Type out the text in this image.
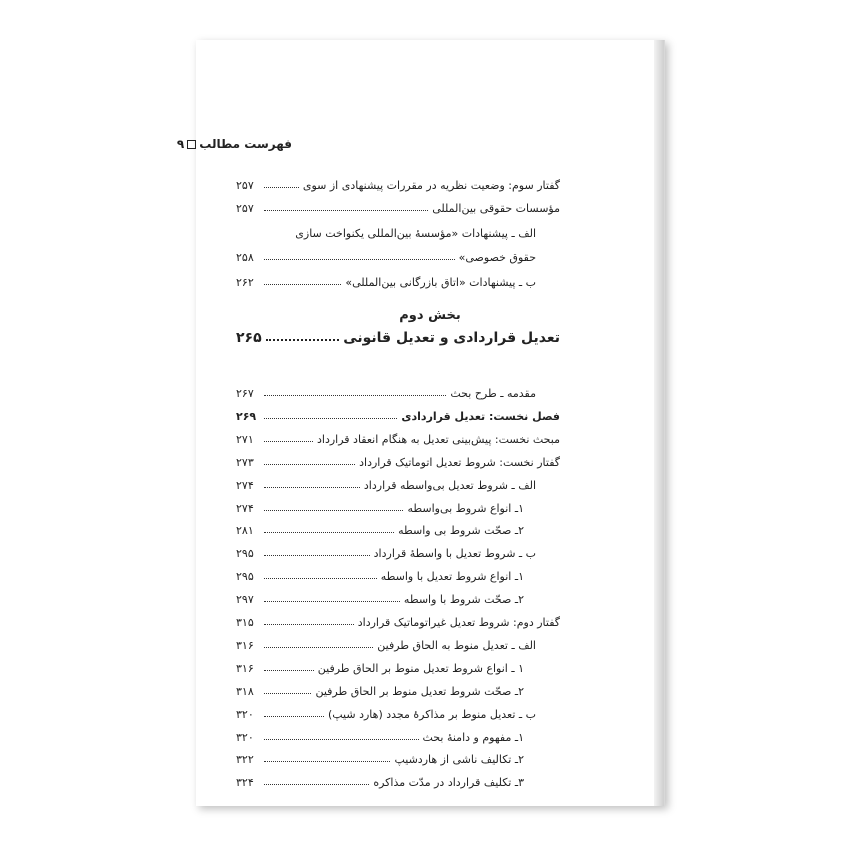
فهرست مطالب۹
گفتار سوم: وضعیت نظریه در مقررات پیشنهادی از سوی
۲۵۷
مؤسسات حقوقی بین‌المللی
۲۵۷
الف ـ پیشنهادات «مؤسسهٔ بین‌المللی یکنواخت سازی
حقوق خصوصی»
۲۵۸
ب ـ پیشنهادات «اتاق بازرگانی بین‌المللی»
۲۶۲
بخش دوم
تعدیل قراردادی و تعدیل قانونی
۲۶۵
مقدمه ـ طرح بحث
۲۶۷
فصل نخست: تعدیل قراردادی
۲۶۹
مبحث نخست: پیش‌بینی تعدیل به هنگام انعقاد قرارداد
۲۷۱
گفتار نخست: شروط تعدیل اتوماتیک قرارداد
۲۷۳
الف ـ شروط تعدیل بی‌واسطه قرارداد
۲۷۴
۱ـ انواع شروط بی‌واسطه
۲۷۴
۲ـ صحّت شروط بی واسطه
۲۸۱
ب ـ شروط تعدیل با واسطهٔ قرارداد
۲۹۵
۱ـ انواع شروط تعدیل با واسطه
۲۹۵
۲ـ صحّت شروط با واسطه
۲۹۷
گفتار دوم: شروط تعدیل غیراتوماتیک قرارداد
۳۱۵
الف ـ تعدیل منوط به الحاق طرفین
۳۱۶
۱ ـ انواع شروط تعدیل منوط بر الحاق طرفین
۳۱۶
۲ـ صحّت شروط تعدیل منوط بر الحاق طرفین
۳۱۸
ب ـ تعدیل منوط بر مذاکرهٔ مجدد (هارد شیپ)
۳۲۰
۱ـ مفهوم و دامنهٔ بحث
۳۲۰
۲ـ تکالیف ناشی از هاردشیپ
۳۲۲
۳ـ تکلیف قرارداد در مدّت مذاکره
۳۲۴
